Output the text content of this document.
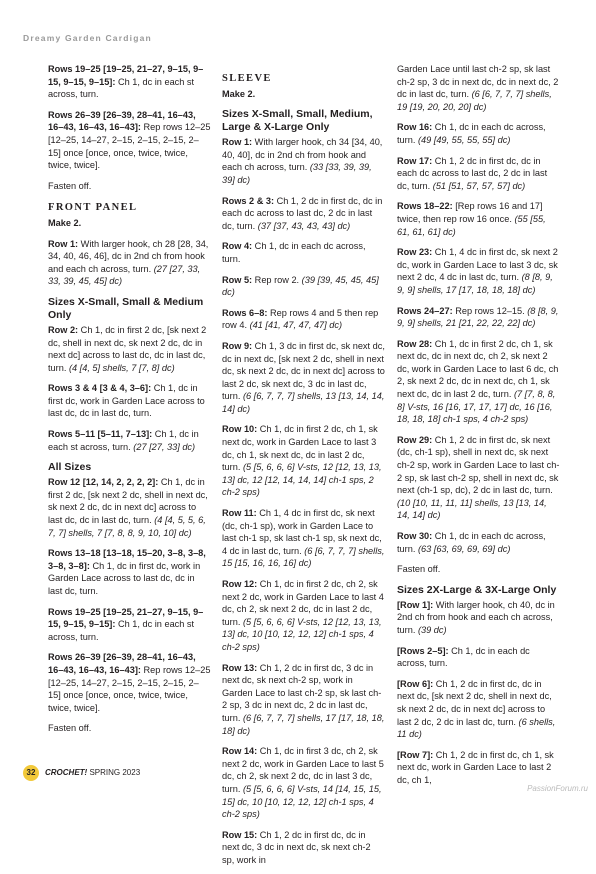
Dreamy Garden Cardigan
Rows 19–25 [19–25, 21–27, 9–15, 9–15, 9–15, 9–15]: Ch 1, dc in each st across, turn.
Rows 26–39 [26–39, 28–41, 16–43, 16–43, 16–43, 16–43]: Rep rows 12–25 [12–25, 14–27, 2–15, 2–15, 2–15, 2–15] once [once, once, twice, twice, twice, twice].
Fasten off.
FRONT PANEL
Make 2.
Row 1: With larger hook, ch 28 [28, 34, 34, 40, 46, 46], dc in 2nd ch from hook and each ch across, turn. (27 [27, 33, 33, 39, 45, 45] dc)
Sizes X-Small, Small & Medium Only
Row 2: Ch 1, dc in first 2 dc, [sk next 2 dc, shell in next dc, sk next 2 dc, dc in next dc] across to last dc, dc in last dc, turn. (4 [4, 5] shells, 7 [7, 8] dc)
Rows 3 & 4 [3 & 4, 3–6]: Ch 1, dc in first dc, work in Garden Lace across to last dc, dc in last dc, turn.
Rows 5–11 [5–11, 7–13]: Ch 1, dc in each st across, turn. (27 [27, 33] dc)
All Sizes
Row 12 [12, 14, 2, 2, 2, 2]: Ch 1, dc in first 2 dc, [sk next 2 dc, shell in next dc, sk next 2 dc, dc in next dc] across to last dc, dc in last dc, turn. (4 [4, 5, 5, 6, 7, 7] shells, 7 [7, 8, 8, 9, 10, 10] dc)
Rows 13–18 [13–18, 15–20, 3–8, 3–8, 3–8, 3–8]: Ch 1, dc in first dc, work in Garden Lace across to last dc, dc in last dc, turn.
Rows 19–25 [19–25, 21–27, 9–15, 9–15, 9–15, 9–15]: Ch 1, dc in each st across, turn.
Rows 26–39 [26–39, 28–41, 16–43, 16–43, 16–43, 16–43]: Rep rows 12–25 [12–25, 14–27, 2–15, 2–15, 2–15, 2–15] once [once, once, twice, twice, twice, twice].
Fasten off.
SLEEVE
Make 2.
Sizes X-Small, Small, Medium, Large & X-Large Only
Row 1: With larger hook, ch 34 [34, 40, 40, 40], dc in 2nd ch from hook and each ch across, turn. (33 [33, 39, 39, 39] dc)
Rows 2 & 3: Ch 1, 2 dc in first dc, dc in each dc across to last dc, 2 dc in last dc, turn. (37 [37, 43, 43, 43] dc)
Row 4: Ch 1, dc in each dc across, turn.
Row 5: Rep row 2. (39 [39, 45, 45, 45] dc)
Rows 6–8: Rep rows 4 and 5 then rep row 4. (41 [41, 47, 47, 47] dc)
Row 9: Ch 1, 3 dc in first dc, sk next dc, dc in next dc, [sk next 2 dc, shell in next dc, sk next 2 dc, dc in next dc] across to last 2 dc, sk next dc, 3 dc in last dc, turn. (6 [6, 7, 7, 7] shells, 13 [13, 14, 14, 14] dc)
Row 10: Ch 1, dc in first 2 dc, ch 1, sk next dc, work in Garden Lace to last 3 dc, ch 1, sk next dc, dc in last 2 dc, turn. (5 [5, 6, 6, 6] V-sts, 12 [12, 13, 13, 13] dc, 12 [12, 14, 14, 14] ch-1 sps, 2 ch-2 sps)
Row 11: Ch 1, 4 dc in first dc, sk next (dc, ch-1 sp), work in Garden Lace to last ch-1 sp, sk last ch-1 sp, sk next dc, 4 dc in last dc, turn. (6 [6, 7, 7, 7] shells, 15 [15, 16, 16, 16] dc)
Row 12: Ch 1, dc in first 2 dc, ch 2, sk next 2 dc, work in Garden Lace to last 4 dc, ch 2, sk next 2 dc, dc in last 2 dc, turn. (5 [5, 6, 6, 6] V-sts, 12 [12, 13, 13, 13] dc, 10 [10, 12, 12, 12] ch-1 sps, 4 ch-2 sps)
Row 13: Ch 1, 2 dc in first dc, 3 dc in next dc, sk next ch-2 sp, work in Garden Lace to last ch-2 sp, sk last ch-2 sp, 3 dc in next dc, 2 dc in last dc, turn. (6 [6, 7, 7, 7] shells, 17 [17, 18, 18, 18] dc)
Row 14: Ch 1, dc in first 3 dc, ch 2, sk next 2 dc, work in Garden Lace to last 5 dc, ch 2, sk next 2 dc, dc in last 3 dc, turn. (5 [5, 6, 6, 6] V-sts, 14 [14, 15, 15, 15] dc, 10 [10, 12, 12, 12] ch-1 sps, 4 ch-2 sps)
Row 15: Ch 1, 2 dc in first dc, dc in next dc, 3 dc in next dc, sk next ch-2 sp, work in
Garden Lace until last ch-2 sp, sk last ch-2 sp, 3 dc in next dc, dc in next dc, 2 dc in last dc, turn. (6 [6, 7, 7, 7] shells, 19 [19, 20, 20, 20] dc)
Row 16: Ch 1, dc in each dc across, turn. (49 [49, 55, 55, 55] dc)
Row 17: Ch 1, 2 dc in first dc, dc in each dc across to last dc, 2 dc in last dc, turn. (51 [51, 57, 57, 57] dc)
Rows 18–22: [Rep rows 16 and 17] twice, then rep row 16 once. (55 [55, 61, 61, 61] dc)
Row 23: Ch 1, 4 dc in first dc, sk next 2 dc, work in Garden Lace to last 3 dc, sk next 2 dc, 4 dc in last dc, turn. (8 [8, 9, 9, 9] shells, 17 [17, 18, 18, 18] dc)
Rows 24–27: Rep rows 12–15. (8 [8, 9, 9, 9] shells, 21 [21, 22, 22, 22] dc)
Row 28: Ch 1, dc in first 2 dc, ch 1, sk next dc, dc in next dc, ch 2, sk next 2 dc, work in Garden Lace to last 6 dc, ch 2, sk next 2 dc, dc in next dc, ch 1, sk next dc, dc in last 2 dc, turn. (7 [7, 8, 8, 8] V-sts, 16 [16, 17, 17, 17] dc, 16 [16, 18, 18, 18] ch-1 sps, 4 ch-2 sps)
Row 29: Ch 1, 2 dc in first dc, sk next (dc, ch-1 sp), shell in next dc, sk next ch-2 sp, work in Garden Lace to last ch-2 sp, sk last ch-2 sp, shell in next dc, sk next (ch-1 sp, dc), 2 dc in last dc, turn. (10 [10, 11, 11, 11] shells, 13 [13, 14, 14, 14] dc)
Row 30: Ch 1, dc in each dc across, turn. (63 [63, 69, 69, 69] dc)
Fasten off.
Sizes 2X-Large & 3X-Large Only
[Row 1]: With larger hook, ch 40, dc in 2nd ch from hook and each ch across, turn. (39 dc)
[Rows 2–5]: Ch 1, dc in each dc across, turn.
[Row 6]: Ch 1, 2 dc in first dc, dc in next dc, [sk next 2 dc, shell in next dc, sk next 2 dc, dc in next dc] across to last 2 dc, 2 dc in last dc, turn. (6 shells, 11 dc)
[Row 7]: Ch 1, 2 dc in first dc, ch 1, sk next dc, work in Garden Lace to last 2 dc, ch 1,
32 CROCHET! SPRING 2023
PassionForum.ru
